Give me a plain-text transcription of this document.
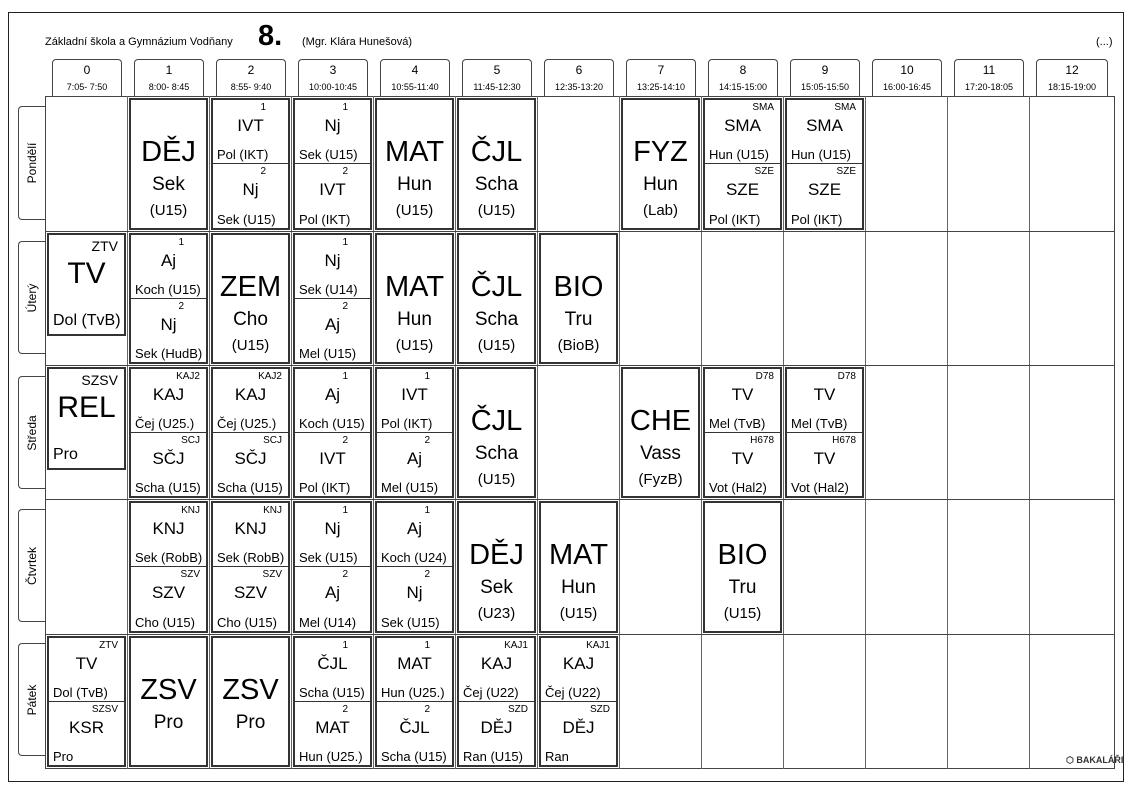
Základní škola a Gymnázium Vodňany 8. (Mgr. Klára Hunešová)	(...)
0
7:05- 7:50
1
8:00- 8:45
2
8:55- 9:40
3
10:00-10:45
4
10:55-11:40
5
11:45-12:30
6
12:35-13:20
7
13:25-14:10
8
14:15-15:00
9
15:05-15:50
10
16:00-16:45
11
17:20-18:05
12
18:15-19:00
Pondělí
Úterý
Středa
Čtvrtek
Pátek
DĚJ
Sek
(U15)
1
IVT
Pol (IKT)
2
Nj
Sek (U15)
1
Nj
Sek (U15)
2
IVT
Pol (IKT)
MAT
Hun
(U15)
ČJL
Scha
(U15)
FYZ
Hun
(Lab)
SMA
SMA
Hun (U15)
SZE
SZE
Pol (IKT)
SMA
SMA
Hun (U15)
SZE
SZE
Pol (IKT)
ZTV
TV
Dol (TvB)
1
Aj
Koch (U15)
2
Nj
Sek (HudB)
ZEM
Cho
(U15)
1
Nj
Sek (U14)
2
Aj
Mel (U15)
MAT
Hun
(U15)
ČJL
Scha
(U15)
BIO
Tru
(BioB)
SZSV
REL
Pro
KAJ2
KAJ
Čej (U25.)
SCJ
SČJ
Scha (U15)
KAJ2
KAJ
Čej (U25.)
SCJ
SČJ
Scha (U15)
1
Aj
Koch (U15)
2
IVT
Pol (IKT)
1
IVT
Pol (IKT)
2
Aj
Mel (U15)
ČJL
Scha
(U15)
CHE
Vass
(FyzB)
D78
TV
Mel (TvB)
H678
TV
Vot (Hal2)
D78
TV
Mel (TvB)
H678
TV
Vot (Hal2)
KNJ
KNJ
Sek (RobB)
SZV
SZV
Cho (U15)
KNJ
KNJ
Sek (RobB)
SZV
SZV
Cho (U15)
1
Nj
Sek (U15)
2
Aj
Mel (U14)
1
Aj
Koch (U24)
2
Nj
Sek (U15)
DĚJ
Sek
(U23)
MAT
Hun
(U15)
BIO
Tru
(U15)
ZTV
TV
Dol (TvB)
SZSV
KSR
Pro
ZSV
Pro
ZSV
Pro
1
ČJL
Scha (U15)
2
MAT
Hun (U25.)
1
MAT
Hun (U25.)
2
ČJL
Scha (U15)
KAJ1
KAJ
Čej (U22)
SZD
DĚJ
Ran (U15)
KAJ1
KAJ
Čej (U22)
SZD
DĚJ
Ran	⬡ BAKALÁŘI
